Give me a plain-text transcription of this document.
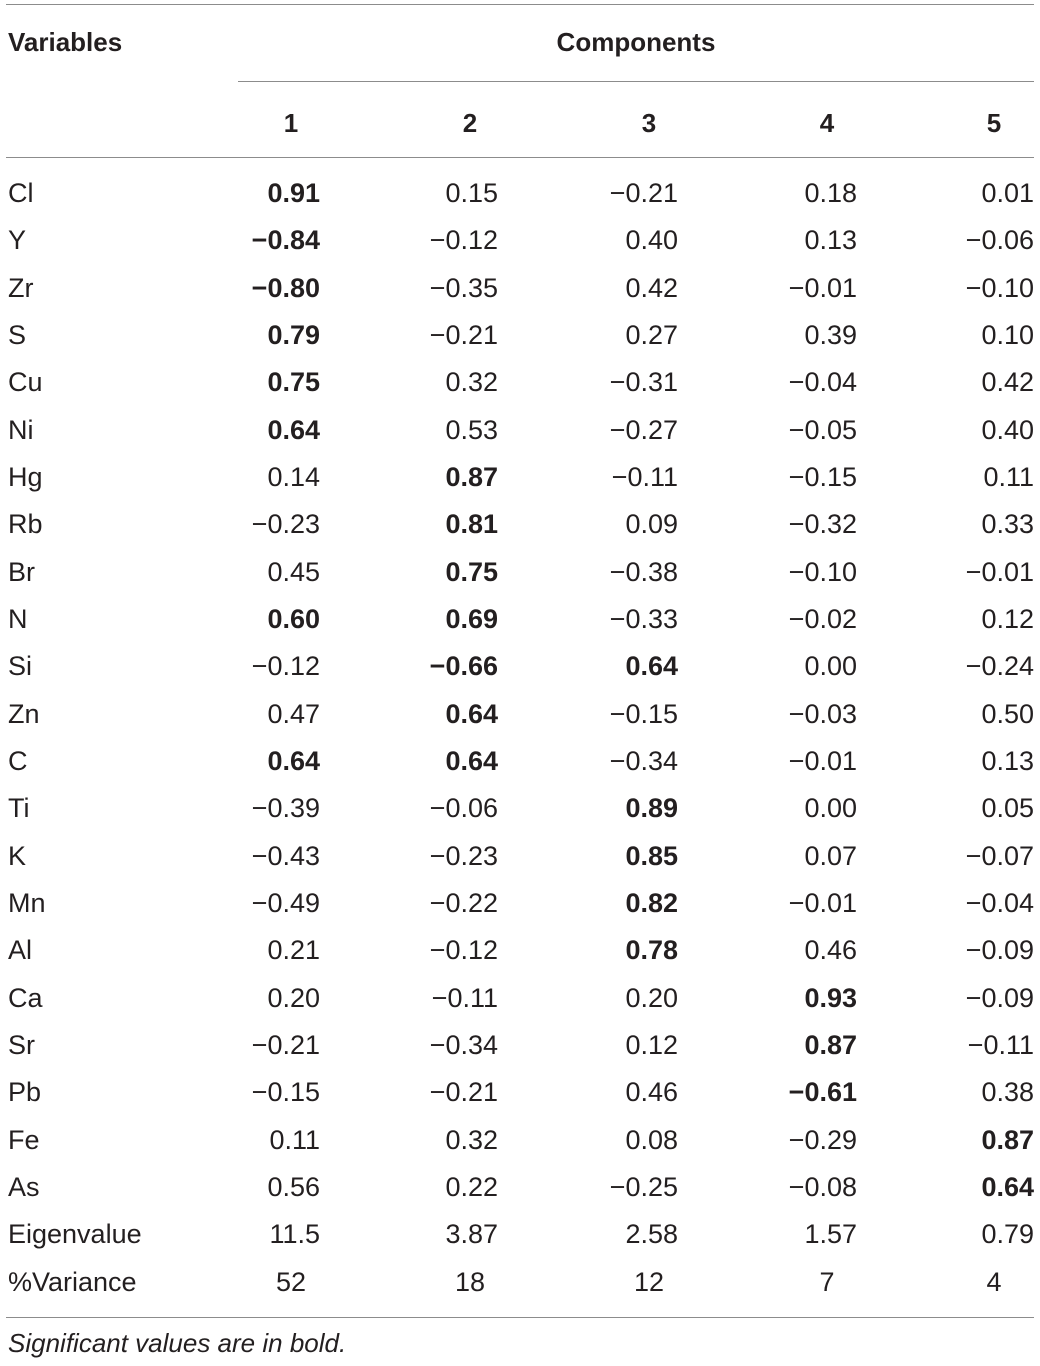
Variables	Components
1	2	3	4	5
Cl	0.91	0.15	−0.21	0.18	0.01
Y	−0.84	−0.12	0.40	0.13	−0.06
Zr	−0.80	−0.35	0.42	−0.01	−0.10
S	0.79	−0.21	0.27	0.39	0.10
Cu	0.75	0.32	−0.31	−0.04	0.42
Ni	0.64	0.53	−0.27	−0.05	0.40
Hg	0.14	0.87	−0.11	−0.15	0.11
Rb	−0.23	0.81	0.09	−0.32	0.33
Br	0.45	0.75	−0.38	−0.10	−0.01
N	0.60	0.69	−0.33	−0.02	0.12
Si	−0.12	−0.66	0.64	0.00	−0.24
Zn	0.47	0.64	−0.15	−0.03	0.50
C	0.64	0.64	−0.34	−0.01	0.13
Ti	−0.39	−0.06	0.89	0.00	0.05
K	−0.43	−0.23	0.85	0.07	−0.07
Mn	−0.49	−0.22	0.82	−0.01	−0.04
Al	0.21	−0.12	0.78	0.46	−0.09
Ca	0.20	−0.11	0.20	0.93	−0.09
Sr	−0.21	−0.34	0.12	0.87	−0.11
Pb	−0.15	−0.21	0.46	−0.61	0.38
Fe	0.11	0.32	0.08	−0.29	0.87
As	0.56	0.22	−0.25	−0.08	0.64
Eigenvalue	11.5	3.87	2.58	1.57	0.79
%Variance	52	18	12	7	4
Significant values are in bold.
